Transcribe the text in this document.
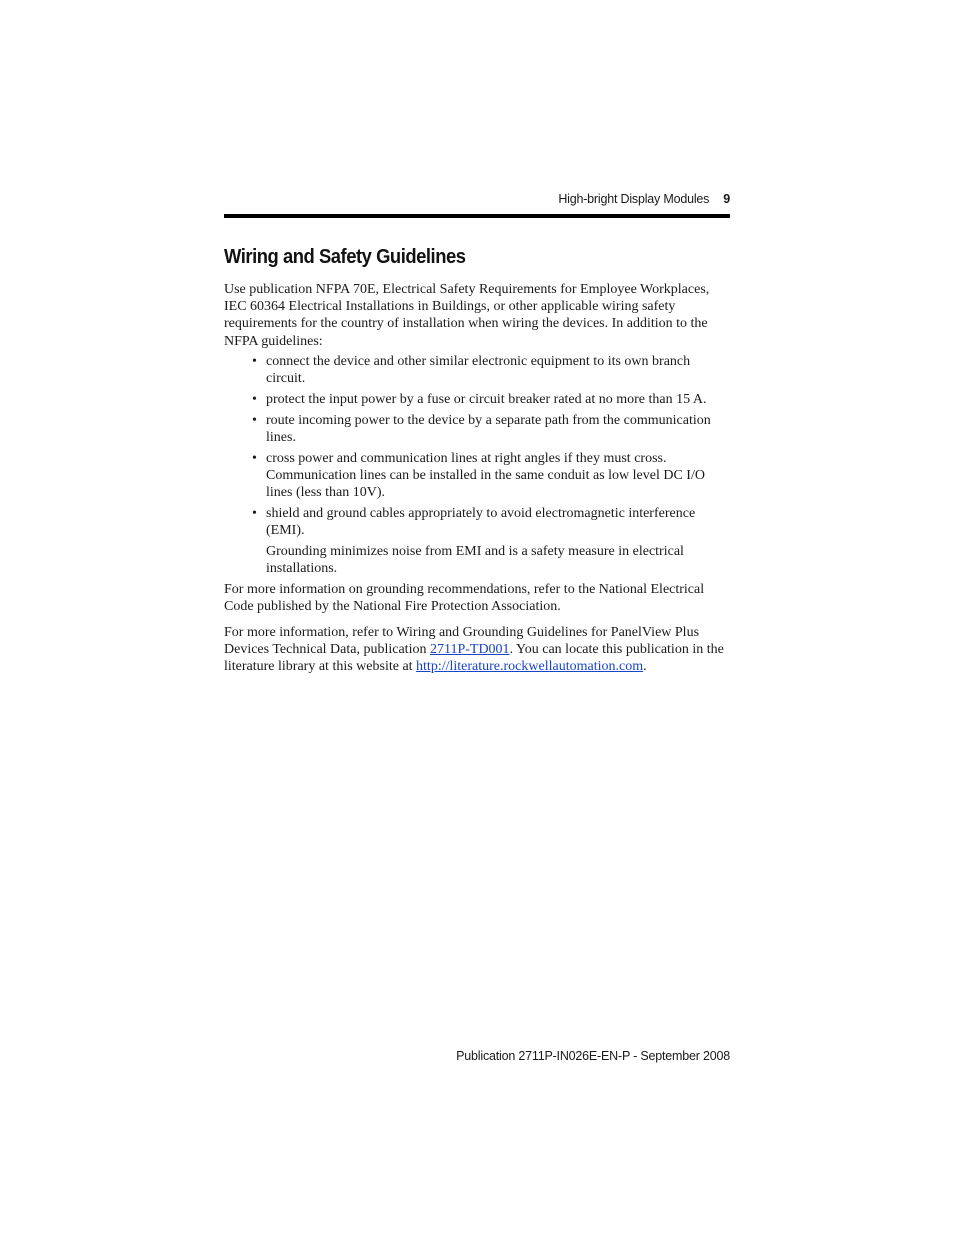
High-bright Display Modules 9
Wiring and Safety Guidelines

Use publication NFPA 70E, Electrical Safety Requirements for Employee Workplaces, IEC 60364 Electrical Installations in Buildings, or other applicable wiring safety requirements for the country of installation when wiring the devices. In addition to the NFPA guidelines:

• connect the device and other similar electronic equipment to its own branch circuit.
• protect the input power by a fuse or circuit breaker rated at no more than 15 A.
• route incoming power to the device by a separate path from the communication lines.
• cross power and communication lines at right angles if they must cross. Communication lines can be installed in the same conduit as low level DC I/O lines (less than 10V).
• shield and ground cables appropriately to avoid electromagnetic interference (EMI).
Grounding minimizes noise from EMI and is a safety measure in electrical installations.

For more information on grounding recommendations, refer to the National Electrical Code published by the National Fire Protection Association.

For more information, refer to Wiring and Grounding Guidelines for PanelView Plus Devices Technical Data, publication 2711P-TD001. You can locate this publication in the literature library at this website at http://literature.rockwellautomation.com.

Publication 2711P-IN026E-EN-P - September 2008
